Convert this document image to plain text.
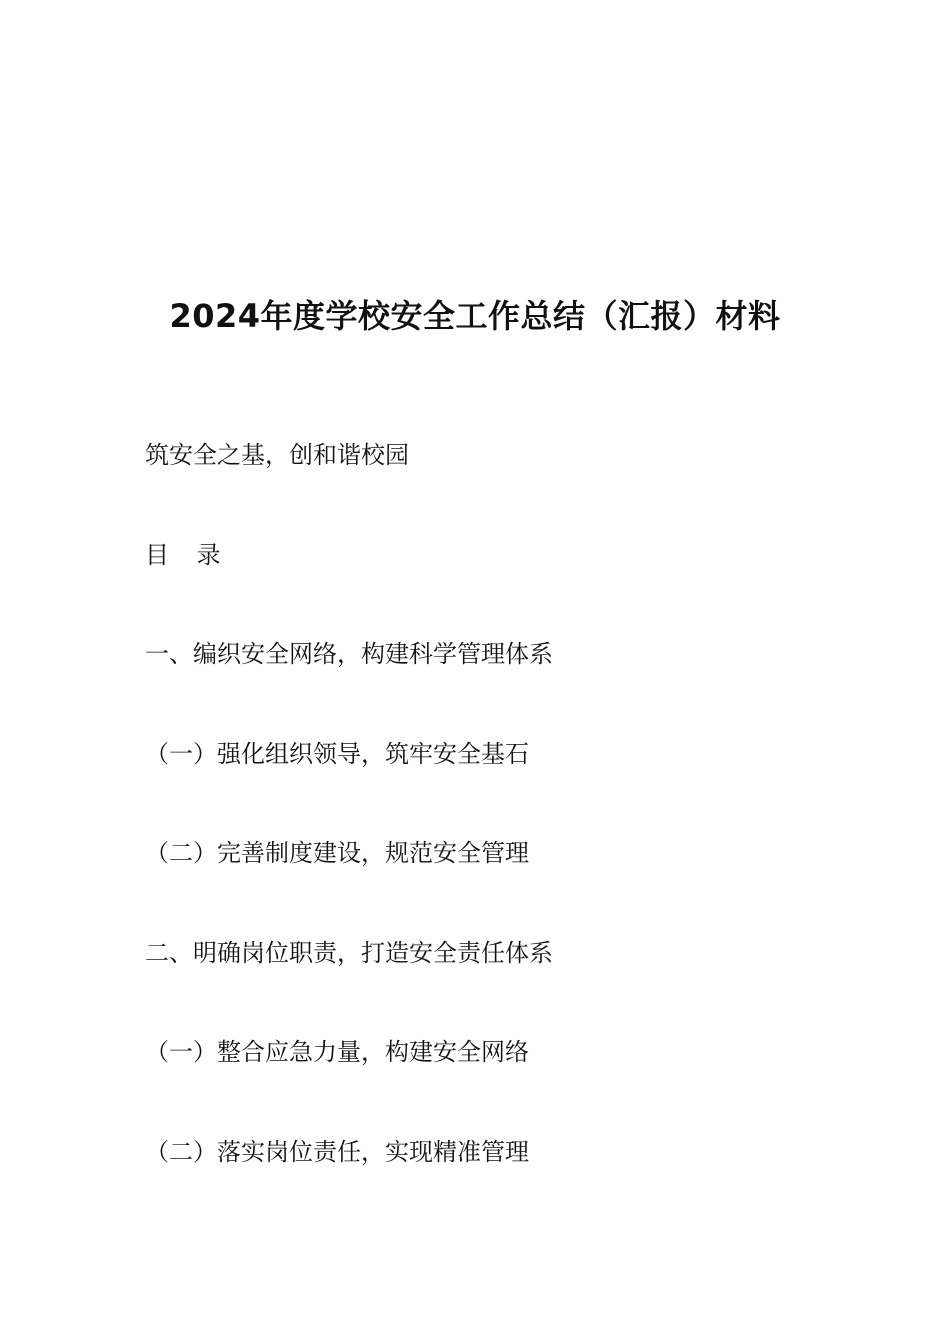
2024年度学校安全工作总结（汇报）材料
筑安全之基，创和谐校园
目 录
一、编织安全网络，构建科学管理体系
（一）强化组织领导，筑牢安全基石
（二）完善制度建设，规范安全管理
二、明确岗位职责，打造安全责任体系
（一）整合应急力量，构建安全网络
（二）落实岗位责任，实现精准管理
